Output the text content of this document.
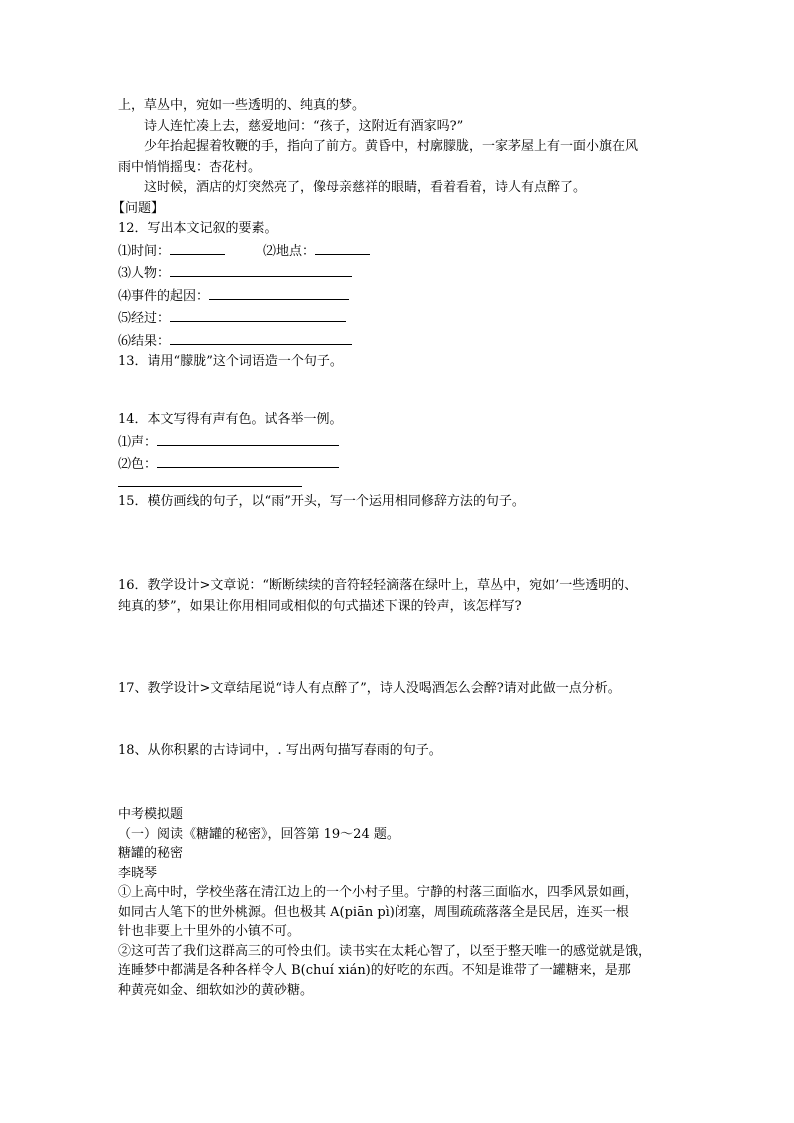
上，草丛中，宛如一些透明的、纯真的梦。

诗人连忙凑上去，慈爱地问：“孩子，这附近有酒家吗?”

少年抬起握着牧鞭的手，指向了前方。黄昏中，村廓朦胧，一家茅屋上有一面小旗在风

雨中悄悄摇曳：杏花村。

这时候，酒店的灯突然亮了，像母亲慈祥的眼睛，看着看着，诗人有点醉了。

【问题】

12．写出本文记叙的要素。

⑴时间：	⑵地点：

⑶人物：

⑷事件的起因：

⑸经过：

⑹结果：

13．请用“朦胧”这个词语造一个句子。

14．本文写得有声有色。试各举一例。

⑴声：

⑵色：

15．模仿画线的句子，以“雨”开头，写一个运用相同修辞方法的句子。

16．教学设计>文章说：“断断续续的音符轻轻滴落在绿叶上，草丛中，宛如’一些透明的、

纯真的梦”，如果让你用相同或相似的句式描述下课的铃声，该怎样写?

17、教学设计>文章结尾说“诗人有点醉了”，诗人没喝酒怎么会醉?请对此做一点分析。

18、从你积累的古诗词中，. 写出两句描写春雨的句子。

中考模拟题

（一）阅读《糖罐的秘密》，回答第 19～24 题。

糖罐的秘密

李晓琴

①上高中时，学校坐落在清江边上的一个小村子里。宁静的村落三面临水，四季风景如画，

如同古人笔下的世外桃源。但也极其 A(piān pì)闭塞，周围疏疏落落全是民居，连买一根

针也非要上十里外的小镇不可。

②这可苦了我们这群高三的可怜虫们。读书实在太耗心智了，以至于整天唯一的感觉就是饿，

连睡梦中都满是各种各样令人 B(chuí xián)的好吃的东西。不知是谁带了一罐糖来，是那

种黄亮如金、细软如沙的黄砂糖。
